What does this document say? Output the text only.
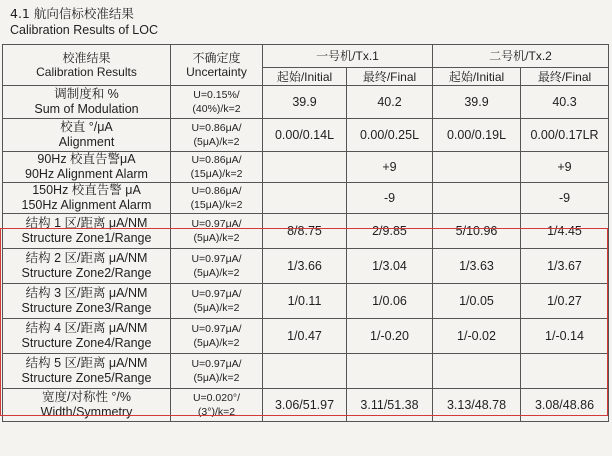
4.1 航向信标校准结果
Calibration Results of LOC
校准结果
Calibration Results	不确定度
Uncertainty	一号机/Tx.1		二号机/Tx.2	
		起始/Initial	最终/Final	起始/Initial	最终/Final

调制度和 %
Sum of Modulation	U=0.15%/
(40%)/k=2	39.9	40.2	39.9	40.3

校直 °/μA
Alignment	U=0.86μA/
(5μA)/k=2	0.00/0.14L	0.00/0.25L	0.00/0.19L	0.00/0.17LR

90Hz 校直告警μA
90Hz Alignment Alarm	U=0.86μA/
(15μA)/k=2		+9		+9

150Hz 校直告警 μA
150Hz Alignment Alarm	U=0.86μA/
(15μA)/k=2		-9		-9

结构 1 区/距离 μA/NM
Structure Zone1/Range	U=0.97μA/
(5μA)/k=2	8/8.75	2/9.85	5/10.96	1/4.45

结构 2 区/距离 μA/NM
Structure Zone2/Range	U=0.97μA/
(5μA)/k=2	1/3.66	1/3.04	1/3.63	1/3.67

结构 3 区/距离 μA/NM
Structure Zone3/Range	U=0.97μA/
(5μA)/k=2	1/0.11	1/0.06	1/0.05	1/0.27

结构 4 区/距离 μA/NM
Structure Zone4/Range	U=0.97μA/
(5μA)/k=2	1/0.47	1/-0.20	1/-0.02	1/-0.14

结构 5 区/距离 μA/NM
Structure Zone5/Range	U=0.97μA/
(5μA)/k=2				

宽度/对称性 °/%
Width/Symmetry	U=0.020°/
(3°)/k=2	3.06/51.97	3.11/51.38	3.13/48.78	3.08/48.86
